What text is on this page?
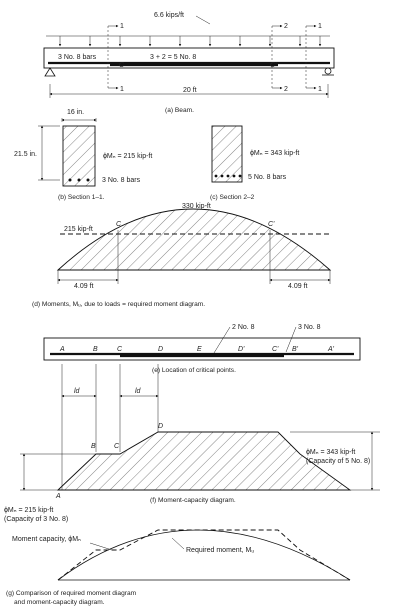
6.6 kips/ft
3 No. 8 bars	3 + 2 = 5 No. 8
C	C'
1
1
2
2
1
1
20 ft
(a) Beam.
16 in.
21.5 in.	ϕMₙ = 215 kip-ft
3 No. 8 bars
(b) Section 1–1.
ϕMₙ = 343 kip-ft
5 No. 8 bars
(c) Section 2–2
215 kip-ft
330 kip-ft
C	C'
4.09 ft	4.09 ft
(d) Moments, Mᵤ, due to loads = required moment diagram.
2 No. 8	3 No. 8
A	B	C	D	E	D'	C' B'	A'
(e) Location of critical points.
ld	ld
B	C
D
A
ϕMₙ = 343 kip-ft
(Capacity of 5 No. 8)
ϕMₙ = 215 kip-ft
(Capacity of 3 No. 8)
(f) Moment-capacity diagram.
Moment capacity, ϕMₙ
Required moment, Mᵤ
(g) Comparison of required moment diagram
and moment-capacity diagram.
